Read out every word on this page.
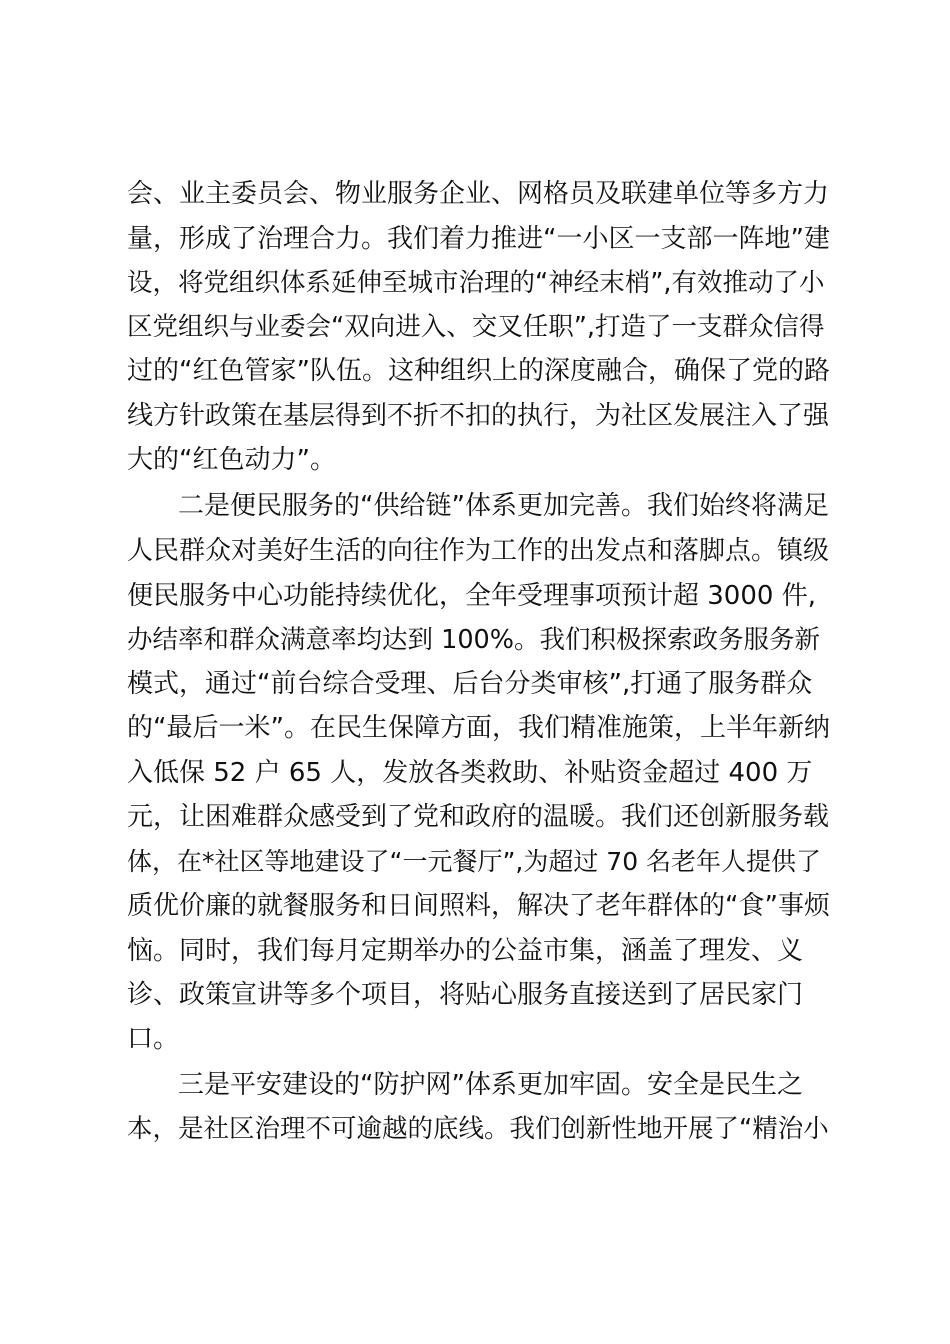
会、业主委员会、物业服务企业、网格员及联建单位等多方力
量，形成了治理合力。我们着力推进“一小区一支部一阵地”建
设，将党组织体系延伸至城市治理的“神经末梢”,有效推动了小
区党组织与业委会“双向进入、交叉任职”,打造了一支群众信得
过的“红色管家”队伍。这种组织上的深度融合，确保了党的路
线方针政策在基层得到不折不扣的执行，为社区发展注入了强
大的“红色动力”。
二是便民服务的“供给链”体系更加完善。我们始终将满足
人民群众对美好生活的向往作为工作的出发点和落脚点。镇级
便民服务中心功能持续优化，全年受理事项预计超 3000 件,
办结率和群众满意率均达到 100%。我们积极探索政务服务新
模式，通过“前台综合受理、后台分类审核”,打通了服务群众
的“最后一米”。在民生保障方面，我们精准施策，上半年新纳
入低保 52 户 65 人，发放各类救助、补贴资金超过 400 万
元，让困难群众感受到了党和政府的温暖。我们还创新服务载
体，在*社区等地建设了“一元餐厅”,为超过 70 名老年人提供了
质优价廉的就餐服务和日间照料，解决了老年群体的“食”事烦
恼。同时，我们每月定期举办的公益市集，涵盖了理发、义
诊、政策宣讲等多个项目，将贴心服务直接送到了居民家门
口。
三是平安建设的“防护网”体系更加牢固。安全是民生之
本，是社区治理不可逾越的底线。我们创新性地开展了“精治小
